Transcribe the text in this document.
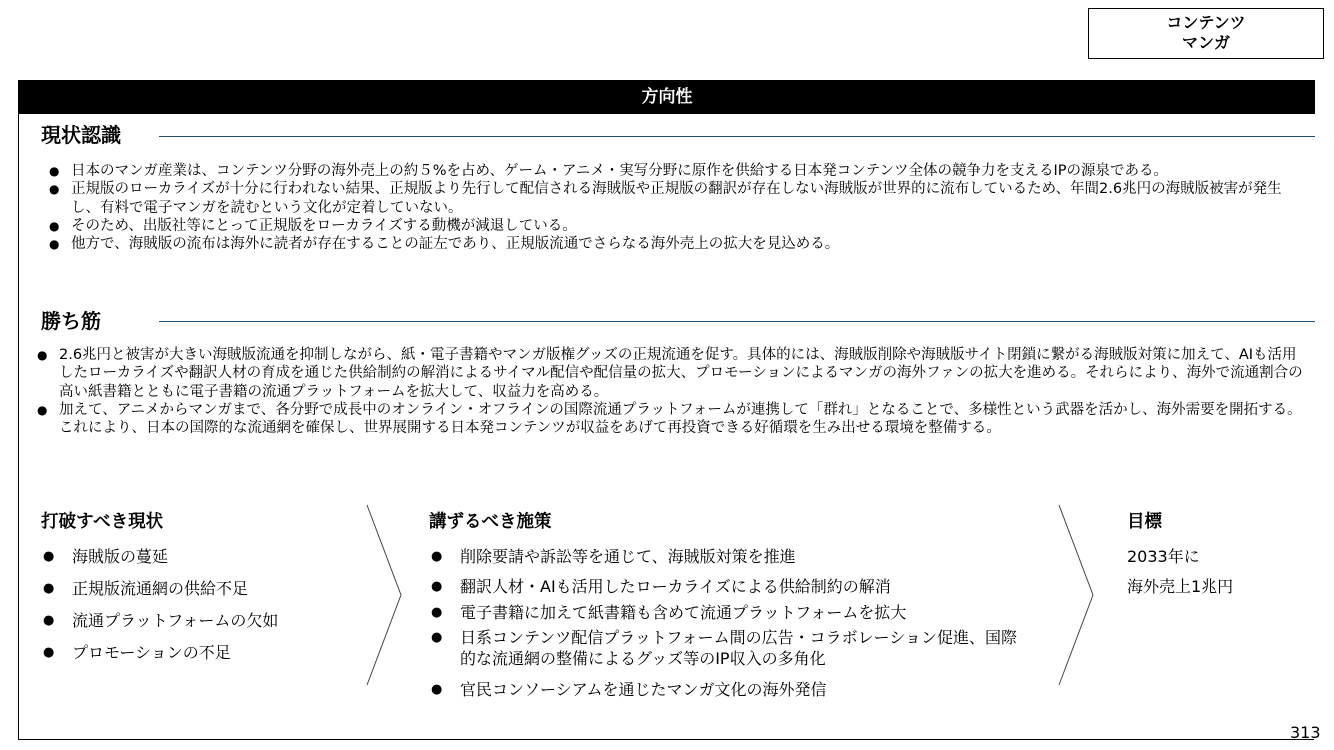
コンテンツ
マンガ
方向性
現状認識
● 日本のマンガ産業は、コンテンツ分野の海外売上の約５%を占め、ゲーム・アニメ・実写分野に原作を供給する日本発コンテンツ全体の競争力を支えるIPの源泉である。
● 正規版のローカライズが十分に行われない結果、正規版より先行して配信される海賊版や正規版の翻訳が存在しない海賊版が世界的に流布しているため、年間2.6兆円の海賊版被害が発生し、有料で電子マンガを読むという文化が定着していない。
● そのため、出版社等にとって正規版をローカライズする動機が減退している。
● 他方で、海賊版の流布は海外に読者が存在することの証左であり、正規版流通でさらなる海外売上の拡大を見込める。
勝ち筋
● 2.6兆円と被害が大きい海賊版流通を抑制しながら、紙・電子書籍やマンガ版権グッズの正規流通を促す。具体的には、海賊版削除や海賊版サイト閉鎖に繋がる海賊版対策に加えて、AIも活用したローカライズや翻訳人材の育成を通じた供給制約の解消によるサイマル配信や配信量の拡大、プロモーションによるマンガの海外ファンの拡大を進める。それらにより、海外で流通割合の高い紙書籍とともに電子書籍の流通プラットフォームを拡大して、収益力を高める。
● 加えて、アニメからマンガまで、各分野で成長中のオンライン・オフラインの国際流通プラットフォームが連携して「群れ」となることで、多様性という武器を活かし、海外需要を開拓する。これにより、日本の国際的な流通網を確保し、世界展開する日本発コンテンツが収益をあげて再投資できる好循環を生み出せる環境を整備する。
打破すべき現状
● 海賊版の蔓延
● 正規版流通網の供給不足
● 流通プラットフォームの欠如
● プロモーションの不足
講ずるべき施策
● 削除要請や訴訟等を通じて、海賊版対策を推進
● 翻訳人材・AIも活用したローカライズによる供給制約の解消
● 電子書籍に加えて紙書籍も含めて流通プラットフォームを拡大
● 日系コンテンツ配信プラットフォーム間の広告・コラボレーション促進、国際的な流通網の整備によるグッズ等のIP収入の多角化
● 官民コンソーシアムを通じたマンガ文化の海外発信
目標
2033年に
海外売上1兆円
313
